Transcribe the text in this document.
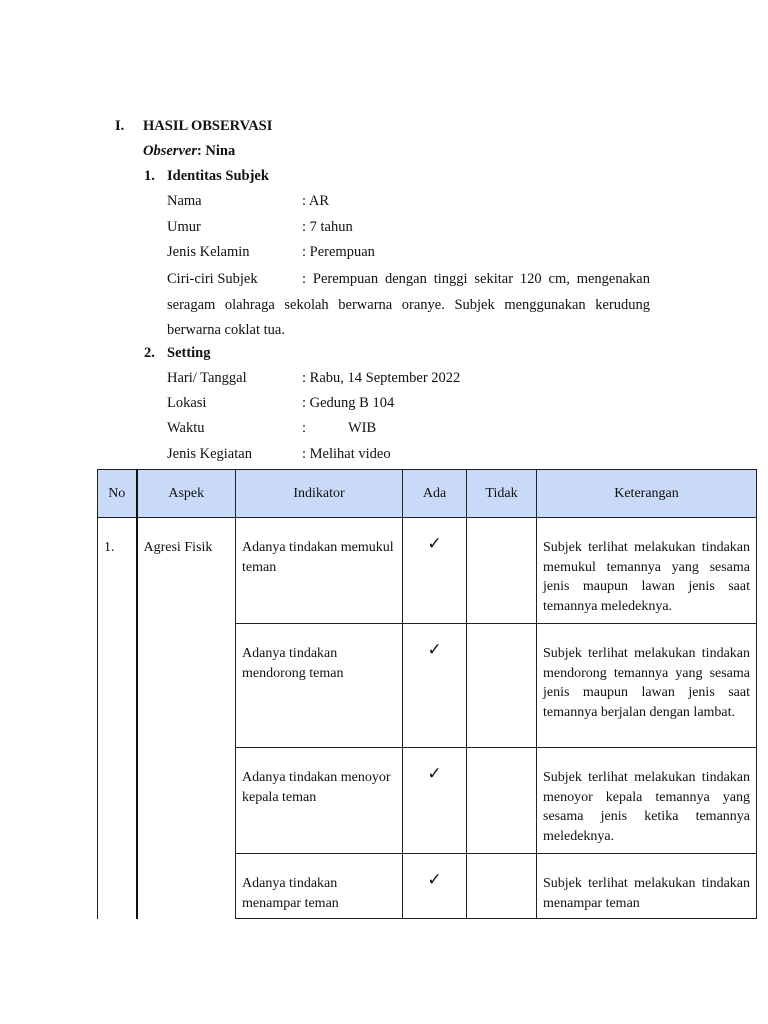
I. HASIL OBSERVASI
Observer: Nina
1. Identitas Subjek
Nama	: AR
Umur	: 7 tahun
Jenis Kelamin	: Perempuan
Ciri-ciri Subjek	: Perempuan dengan tinggi sekitar 120 cm, mengenakan seragam olahraga sekolah berwarna oranye. Subjek menggunakan kerudung berwarna coklat tua.
2. Setting
Hari/ Tanggal	: Rabu, 14 September 2022
Lokasi	: Gedung B 104
Waktu	:	WIB
Jenis Kegiatan	: Melihat video
No	Aspek	Indikator	Ada	Tidak	Keterangan

1.	Agresi Fisik	Adanya tindakan memukul teman	✓		Subjek terlihat melakukan tindakan memukul temannya yang sesama jenis maupun lawan jenis saat temannya meledeknya.

		Adanya tindakan mendorong teman	✓		Subjek terlihat melakukan tindakan mendorong temannya yang sesama jenis maupun lawan jenis saat temannya berjalan dengan lambat.

		Adanya tindakan menoyor kepala teman	✓		Subjek terlihat melakukan tindakan menoyor kepala temannya yang sesama jenis ketika temannya meledeknya.

		Adanya tindakan menampar teman	✓		Subjek terlihat melakukan tindakan menampar teman
